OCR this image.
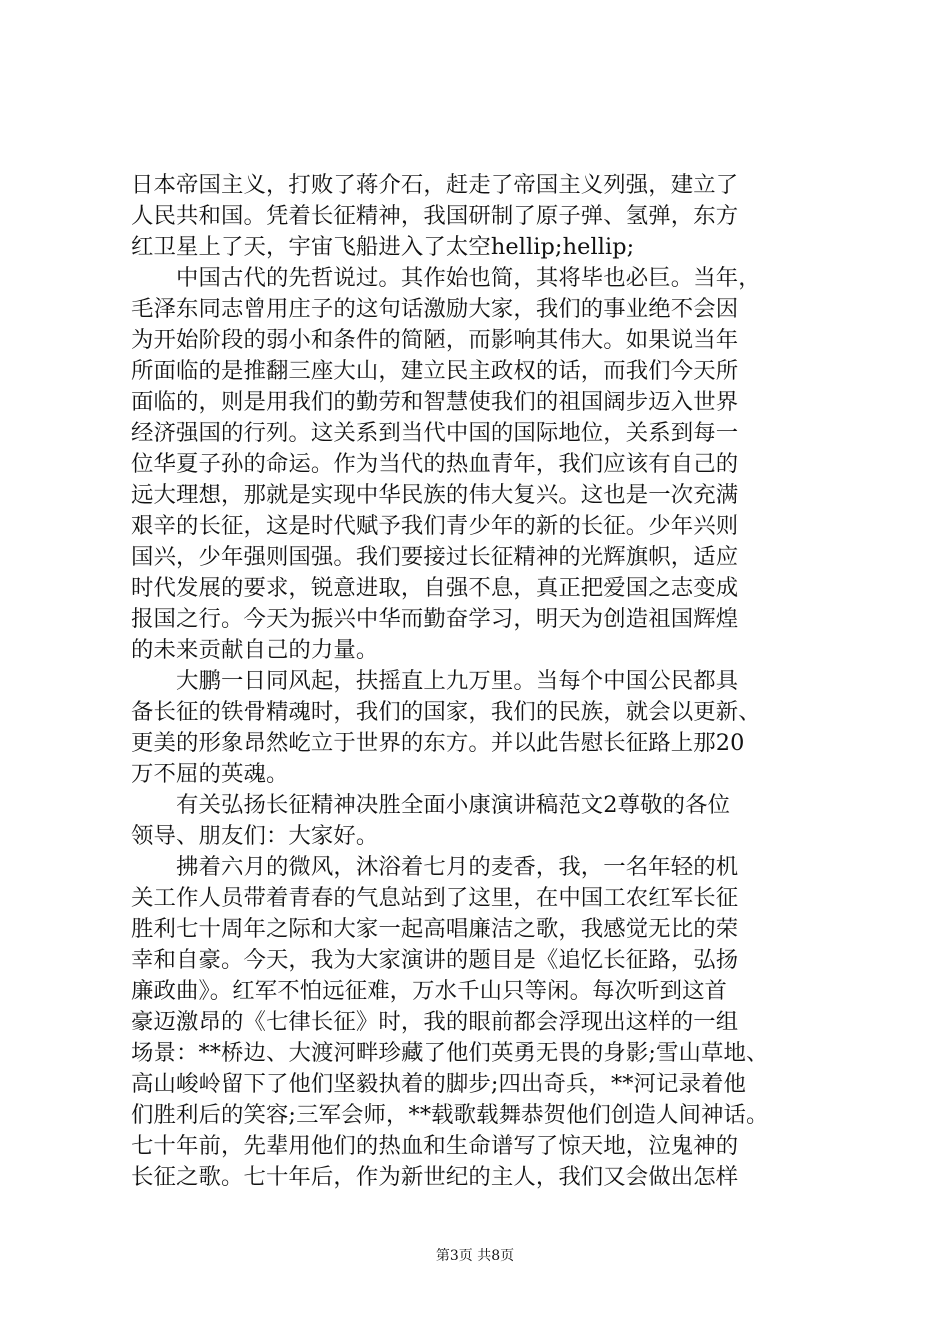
日本帝国主义，打败了蒋介石，赶走了帝国主义列强，建立了
人民共和国。凭着长征精神，我国研制了原子弹、氢弹，东方
红卫星上了天，宇宙飞船进入了太空hellip;hellip;
　　中国古代的先哲说过。其作始也简，其将毕也必巨。当年，
毛泽东同志曾用庄子的这句话激励大家，我们的事业绝不会因
为开始阶段的弱小和条件的简陋，而影响其伟大。如果说当年
所面临的是推翻三座大山，建立民主政权的话，而我们今天所
面临的，则是用我们的勤劳和智慧使我们的祖国阔步迈入世界
经济强国的行列。这关系到当代中国的国际地位，关系到每一
位华夏子孙的命运。作为当代的热血青年，我们应该有自己的
远大理想，那就是实现中华民族的伟大复兴。这也是一次充满
艰辛的长征，这是时代赋予我们青少年的新的长征。少年兴则
国兴，少年强则国强。我们要接过长征精神的光辉旗帜，适应
时代发展的要求，锐意进取，自强不息，真正把爱国之志变成
报国之行。今天为振兴中华而勤奋学习，明天为创造祖国辉煌
的未来贡献自己的力量。
　　大鹏一日同风起，扶摇直上九万里。当每个中国公民都具
备长征的铁骨精魂时，我们的国家，我们的民族，就会以更新、
更美的形象昂然屹立于世界的东方。并以此告慰长征路上那20
万不屈的英魂。
　　有关弘扬长征精神决胜全面小康演讲稿范文2尊敬的各位
领导、朋友们：大家好。
　　拂着六月的微风，沐浴着七月的麦香，我，一名年轻的机
关工作人员带着青春的气息站到了这里，在中国工农红军长征
胜利七十周年之际和大家一起高唱廉洁之歌，我感觉无比的荣
幸和自豪。今天，我为大家演讲的题目是《追忆长征路，弘扬
廉政曲》。红军不怕远征难，万水千山只等闲。每次听到这首
豪迈激昂的《七律长征》时，我的眼前都会浮现出这样的一组
场景：**桥边、大渡河畔珍藏了他们英勇无畏的身影;雪山草地、
高山峻岭留下了他们坚毅执着的脚步;四出奇兵，**河记录着他
们胜利后的笑容;三军会师，**载歌载舞恭贺他们创造人间神话。
七十年前，先辈用他们的热血和生命谱写了惊天地，泣鬼神的
长征之歌。七十年后，作为新世纪的主人，我们又会做出怎样
第3页 共8页
